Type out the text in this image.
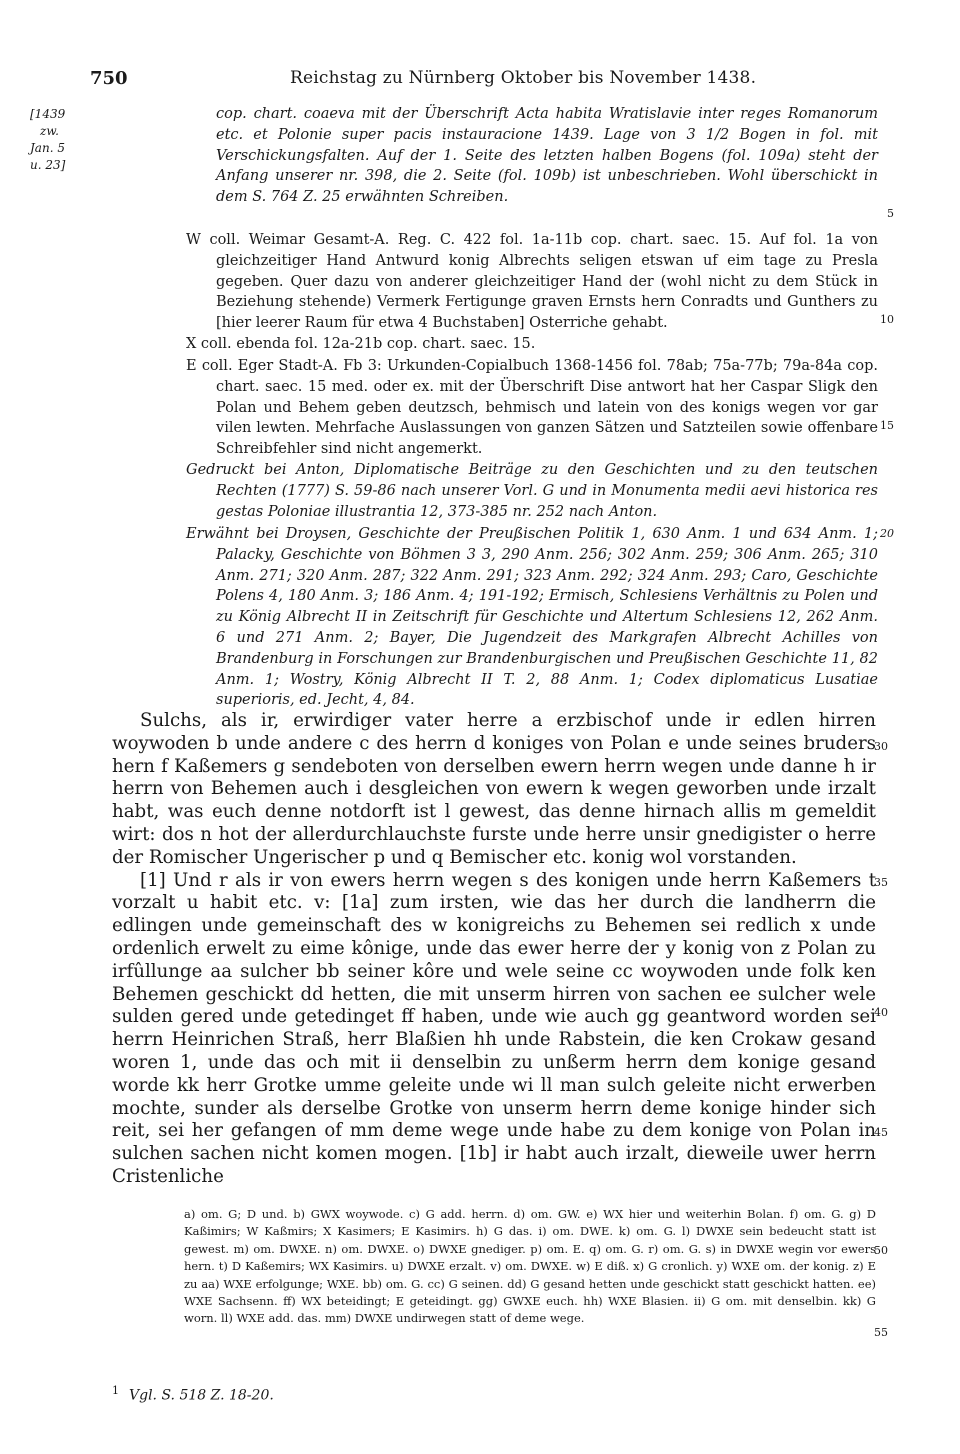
750	Reichstag zu Nürnberg Oktober bis November 1438.
[1439
zw.
Jan. 5
u. 23]
cop. chart. coaeva mit der Überschrift Acta habita Wratislavie inter reges Romanorum etc. et Polonie super pacis instauracione 1439. Lage von 3 1/2 Bogen in fol. mit Verschickungsfalten. Auf der 1. Seite des letzten halben Bogens (fol. 109a) steht der Anfang unserer nr. 398, die 2. Seite (fol. 109b) ist unbeschrieben. Wohl überschickt in dem S. 764 Z. 25 erwähnten Schreiben.
5
W coll. Weimar Gesamt-A. Reg. C. 422 fol. 1a-11b cop. chart. saec. 15. Auf fol. 1a von gleichzeitiger Hand Antwurd konig Albrechts seligen etswan uf eim tage zu Presla gegeben. Quer dazu von anderer gleichzeitiger Hand der (wohl nicht zu dem Stück in Beziehung stehende) Vermerk Fertigunge graven Ernsts hern Conradts und Gunthers zu [hier leerer Raum für etwa 4 Buchstaben] Osterriche gehabt.	10
X coll. ebenda fol. 12a-21b cop. chart. saec. 15.
E coll. Eger Stadt-A. Fb 3: Urkunden-Copialbuch 1368-1456 fol. 78ab; 75a-77b; 79a-84a cop. chart. saec. 15 med. oder ex. mit der Überschrift Dise antwort hat her Caspar Sligk den Polan und Behem geben deutzsch, behmisch und latein von des konigs wegen vor gar vilen lewten. Mehrfache Auslassungen von ganzen Sätzen und Satzteilen sowie offenbare Schreibfehler sind nicht angemerkt.
15
Gedruckt bei Anton, Diplomatische Beiträge zu den Geschichten und zu den teutschen Rechten (1777) S. 59-86 nach unserer Vorl. G und in Monumenta medii aevi historica res gestas Poloniae illustrantia 12, 373-385 nr. 252 nach Anton.
Erwähnt bei Droysen, Geschichte der Preußischen Politik 1, 630 Anm. 1 und 634 Anm. 1; Palacky, Geschichte von Böhmen 3 3, 290 Anm. 256; 302 Anm. 259; 306 Anm. 265; 310 Anm. 271; 320 Anm. 287; 322 Anm. 291; 323 Anm. 292; 324 Anm. 293; Caro, Geschichte Polens 4, 180 Anm. 3; 186 Anm. 4; 191-192; Ermisch, Schlesiens Verhältnis zu Polen und zu König Albrecht II in Zeitschrift für Geschichte und Altertum Schlesiens 12, 262 Anm. 6 und 271 Anm. 2; Bayer, Die Jugendzeit des Markgrafen Albrecht Achilles von Brandenburg in Forschungen zur Brandenburgischen und Preußischen Geschichte 11, 82 Anm. 1; Wostry, König Albrecht II T. 2, 88 Anm. 1; Codex diplomaticus Lusatiae superioris, ed. Jecht, 4, 84.
20

Sulchs, als ir, erwirdiger vater herre a erzbischof unde ir edlen hirren woywoden b unde andere c des herrn d koniges von Polan e unde seines bruders hern f Kaßemers g sendeboten von derselben ewern herrn wegen unde danne h ir herrn von Behemen auch i desgleichen von ewern k wegen geworben unde irzalt habt, was euch denne notdorft ist l gewest, das denne hirnach allis m gemeldit wirt: dos n hot der allerdurchlauchste furste unde herre unsir gnedigister o herre der Romischer Ungerischer p und q Bemischer etc. konig wol vorstanden.

[1] Und r als ir von ewers herrn wegen s des konigen unde herrn Kaßemers t vorzalt u habit etc. v: [1a] zum irsten, wie das her durch die landherrn die edlingen unde gemeinschaft des w konigreichs zu Behemen sei redlich x unde ordenlich erwelt zu eime kônige, unde das ewer herre der y konig von z Polan zu irfûllunge aa sulcher bb seiner kôre und wele seine cc woywoden unde folk ken Behemen geschickt dd hetten, die mit unserm hirren von sachen ee sulcher wele sulden gered unde getedinget ff haben, unde wie auch gg geantword worden sei herrn Heinrichen Straß, herr Blaßien hh unde Rabstein, die ken Crokaw gesand woren 1, unde das och mit ii denselbin zu unßerm herrn dem konige gesand worde kk herr Grotke umme geleite unde wi ll man sulch geleite nicht erwerben mochte, sunder als derselbe Grotke von unserm herrn deme konige hinder sich reit, sei her gefangen of mm deme wege unde habe zu dem konige von Polan in sulchen sachen nicht komen mogen. [1b] ir habt auch irzalt, dieweile uwer herrn Cristenliche

30
35
40
45
a) om. G; D und. b) GWX woywode. c) G add. herrn. d) om. GW. e) WX hier und weiterhin Bolan. f) om. G. g) D Kaßimirs; W Kaßmirs; X Kasimers; E Kasimirs. h) G das. i) om. DWE. k) om. G. l) DWXE sein bedeucht statt ist gewest. m) om. DWXE. n) om. DWXE. o) DWXE gnediger. p) om. E. q) om. G. r) om. G. s) in DWXE wegin vor ewers hern. t) D Kaßemirs; WX Kasimirs. u) DWXE erzalt. v) om. DWXE. w) E diß. x) G cronlich. y) WXE om. der konig. z) E zu aa) WXE erfolgunge; WXE. bb) om. G. cc) G seinen. dd) G gesand hetten unde geschickt statt geschickt hatten. ee) WXE Sachsenn. ff) WX beteidingt; E geteidingt. gg) GWXE euch. hh) WXE Blasien. ii) G om. mit denselbin. kk) G worn. ll) WXE add. das. mm) DWXE undirwegen statt of deme wege.
50
55
$^1$ Vgl. S. 518 Z. 18-20.
